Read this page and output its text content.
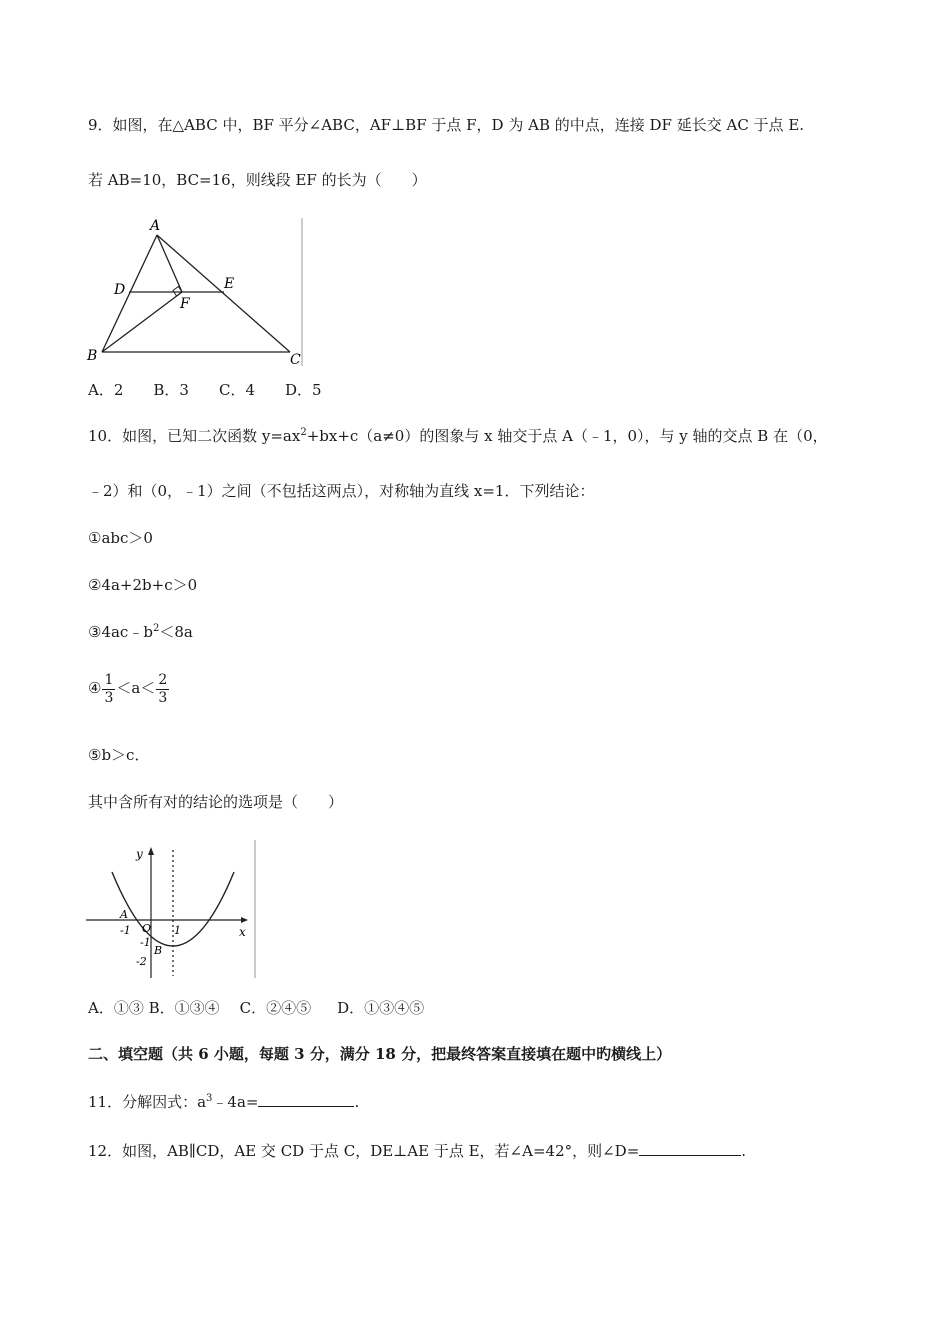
9．如图，在△ABC 中，BF 平分∠ABC，AF⊥BF 于点 F，D 为 AB 的中点，连接 DF 延长交 AC 于点 E.
若 AB=10，BC=16，则线段 EF 的长为（　　）
A
D	E
F
B	C
A．2 B．3 C．4 D．5
10．如图，已知二次函数 $y=ax^2+bx+c(a\ne 0)$的图象与 x 轴交于点 A（﹣1，0），与 y 轴的交点 B 在（0，
﹣2）和（0，﹣1）之间（不包括这两点），对称轴为直线 x=1．下列结论：
①abc＞0
②4a+2b+c＞0
$③4ac﹣b^2<8a$
④ $\frac{1}{3} <a< \frac{2}{3}$
⑤b＞c．
其中含所有对的结论的选项是（　　）
y
x
A
-1 O 1
-1
B
-2
A．①③ B．①③④ C．②④⑤ D．①③④⑤
二、填空题（共 6 小题，每题 3 分，满分 18 分，把最终答案直接填在题中旳横线上）
11．分解因式：$a^3﹣4a=$	.
12．如图，AB∥CD，AE 交 CD 于点 C，DE⊥AE 于点 E，若∠A=42°，则∠D=	.
